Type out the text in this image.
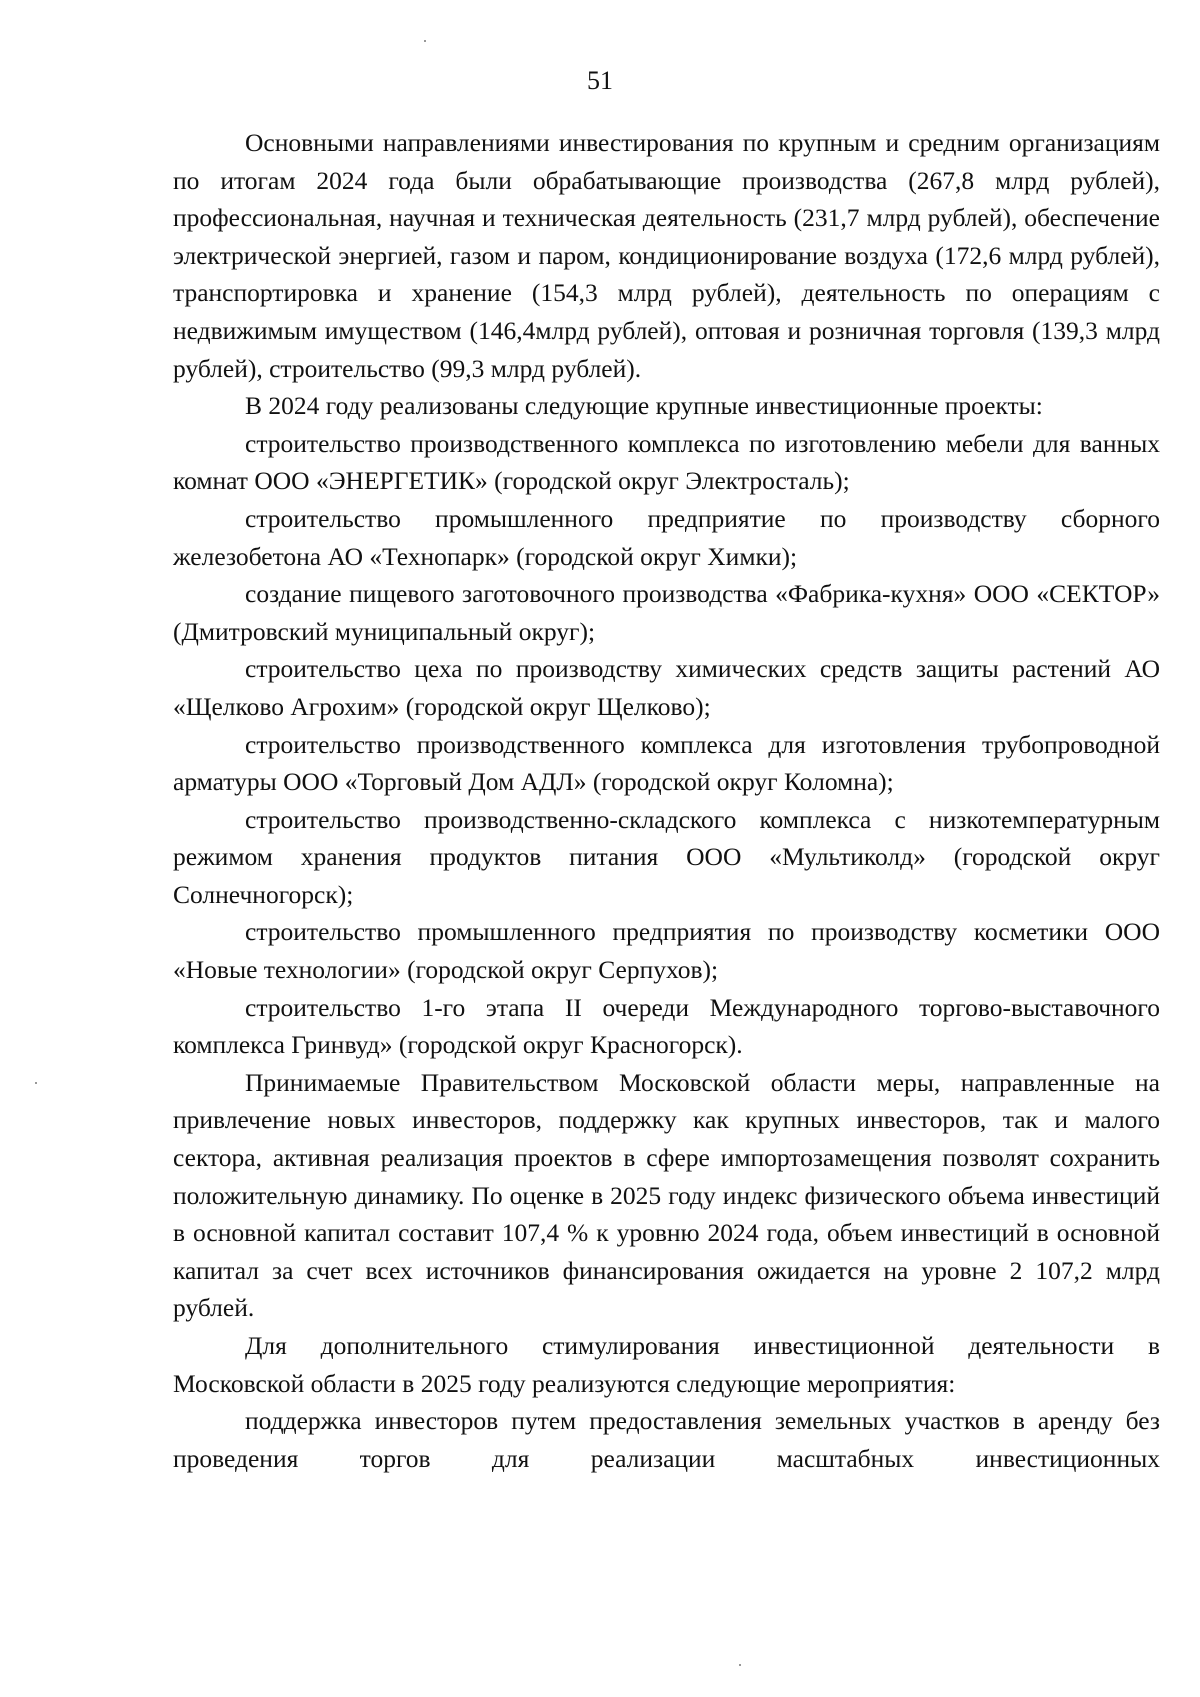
51

Основными направлениями инвестирования по крупным и средним организациям по итогам 2024 года были обрабатывающие производства (267,8 млрд рублей), профессиональная, научная и техническая деятельность (231,7 млрд рублей), обеспечение электрической энергией, газом и паром, кондиционирование воздуха (172,6 млрд рублей), транспортировка и хранение (154,3 млрд рублей), деятельность по операциям с недвижимым имуществом (146,4млрд рублей), оптовая и розничная торговля (139,3 млрд рублей), строительство (99,3 млрд рублей).

В 2024 году реализованы следующие крупные инвестиционные проекты:

строительство производственного комплекса по изготовлению мебели для ванных комнат ООО «ЭНЕРГЕТИК» (городской округ Электросталь);

строительство промышленного предприятие по производству сборного железобетона АО «Технопарк» (городской округ Химки);

создание пищевого заготовочного производства «Фабрика-кухня» ООО «СЕКТОР» (Дмитровский муниципальный округ);

строительство цеха по производству химических средств защиты растений АО «Щелково Агрохим» (городской округ Щелково);

строительство производственного комплекса для изготовления трубопроводной арматуры ООО «Торговый Дом АДЛ» (городской округ Коломна);

строительство производственно-складского комплекса с низкотемпературным режимом хранения продуктов питания ООО «Мультиколд» (городской округ Солнечногорск);

строительство промышленного предприятия по производству косметики ООО «Новые технологии» (городской округ Серпухов);

строительство 1-го этапа II очереди Международного торгово-выставочного комплекса Гринвуд» (городской округ Красногорск).

Принимаемые Правительством Московской области меры, направленные на привлечение новых инвесторов, поддержку как крупных инвесторов, так и малого сектора, активная реализация проектов в сфере импортозамещения позволят сохранить положительную динамику. По оценке в 2025 году индекс физического объема инвестиций в основной капитал составит 107,4 % к уровню 2024 года, объем инвестиций в основной капитал за счет всех источников финансирования ожидается на уровне 2 107,2 млрд рублей.

Для дополнительного стимулирования инвестиционной деятельности в Московской области в 2025 году реализуются следующие мероприятия:

поддержка инвесторов путем предоставления земельных участков в аренду без проведения торгов для реализации масштабных инвестиционных
